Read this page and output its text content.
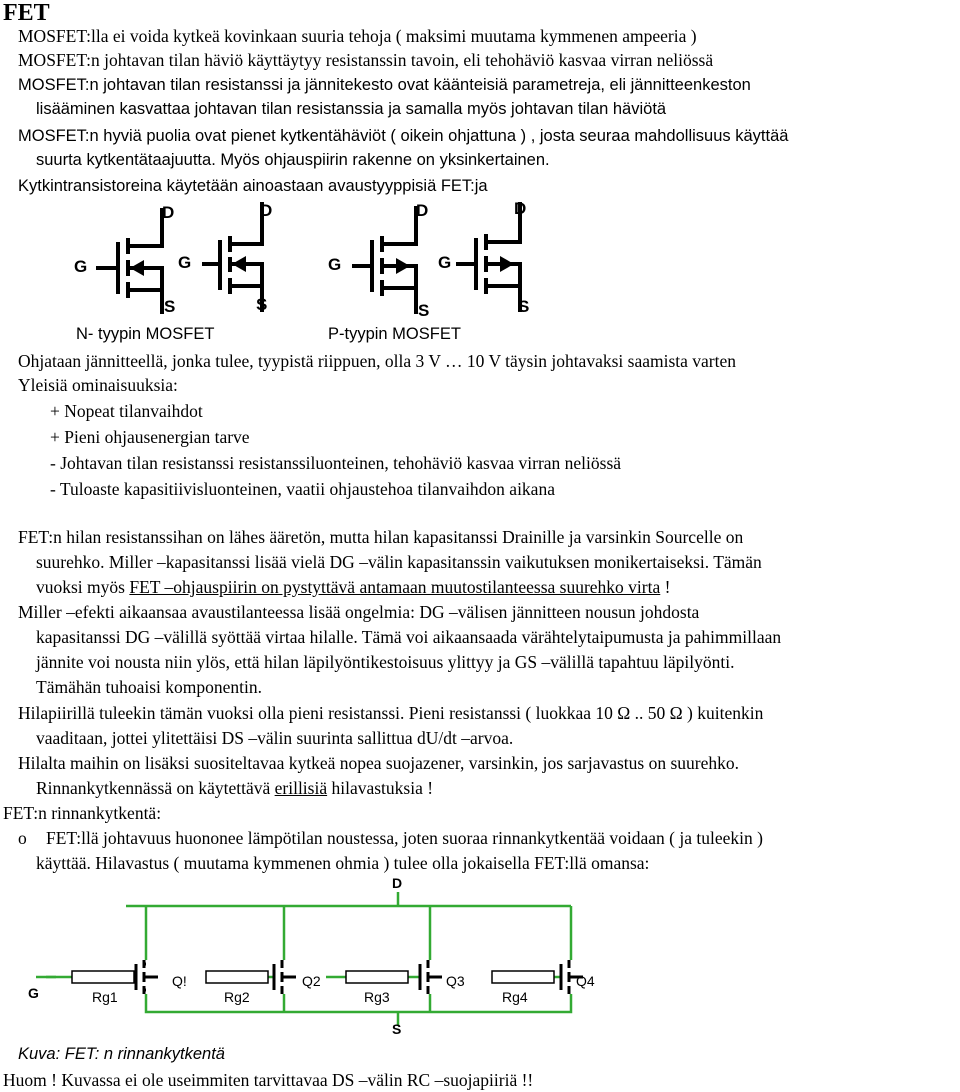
FET
MOSFET:lla ei voida kytkeä kovinkaan suuria tehoja ( maksimi muutama kymmenen ampeeria )
MOSFET:n johtavan tilan häviö käyttäytyy resistanssin tavoin, eli tehohäviö kasvaa virran neliössä
MOSFET:n johtavan tilan resistanssi ja jännitekesto ovat käänteisiä parametreja, eli jännitteenkeston
lisääminen kasvattaa johtavan tilan resistanssia ja samalla myös johtavan tilan häviötä
MOSFET:n hyviä puolia ovat pienet kytkentähäviöt ( oikein ohjattuna ) , josta seuraa mahdollisuus käyttää
suurta kytkentätaajuutta. Myös ohjauspiirin rakenne on yksinkertainen.
Kytkintransistoreina käytetään ainoastaan avaustyyppisiä FET:ja
D
G
S
D
G
S
D
G
S
D
G
S
N- tyypin MOSFET	P-tyypin MOSFET
Ohjataan jännitteellä, jonka tulee, tyypistä riippuen, olla 3 V … 10 V täysin johtavaksi saamista varten
Yleisiä ominaisuuksia:
+ Nopeat tilanvaihdot
+ Pieni ohjausenergian tarve
- Johtavan tilan resistanssi resistanssiluonteinen, tehohäviö kasvaa virran neliössä
- Tuloaste kapasitiivisluonteinen, vaatii ohjaustehoa tilanvaihdon aikana
FET:n hilan resistanssihan on lähes ääretön, mutta hilan kapasitanssi Drainille ja varsinkin Sourcelle on
suurehko. Miller –kapasitanssi lisää vielä DG –välin kapasitanssin vaikutuksen monikertaiseksi. Tämän
vuoksi myös FET –ohjauspiirin on pystyttävä antamaan muutostilanteessa suurehko virta !
Miller –efekti aikaansaa avaustilanteessa lisää ongelmia: DG –välisen jännitteen nousun johdosta
kapasitanssi DG –välillä syöttää virtaa hilalle. Tämä voi aikaansaada värähtelytaipumusta ja pahimmillaan
jännite voi nousta niin ylös, että hilan läpilyöntikestoisuus ylittyy ja GS –välillä tapahtuu läpilyönti.
Tämähän tuhoaisi komponentin.
Hilapiirillä tuleekin tämän vuoksi olla pieni resistanssi. Pieni resistanssi ( luokkaa 10 Ω .. 50 Ω ) kuitenkin
vaaditaan, jottei ylitettäisi DS –välin suurinta sallittua dU/dt –arvoa.
Hilalta maihin on lisäksi suositeltavaa kytkeä nopea suojazener, varsinkin, jos sarjavastus on suurehko.
Rinnankytkennässä on käytettävä erillisiä hilavastuksia !
FET:n rinnankytkentä:
o FET:llä johtavuus huononee lämpötilan noustessa, joten suoraa rinnankytkentää voidaan ( ja tuleekin )
käyttää. Hilavastus ( muutama kymmenen ohmia ) tulee olla jokaisella FET:llä omansa:
D
G
S
Rg1	Rg2	Rg3	Rg4
Q!	Q2	Q3	Q4
Kuva: FET: n rinnankytkentä
Huom ! Kuvassa ei ole useimmiten tarvittavaa DS –välin RC –suojapiiriä !!
